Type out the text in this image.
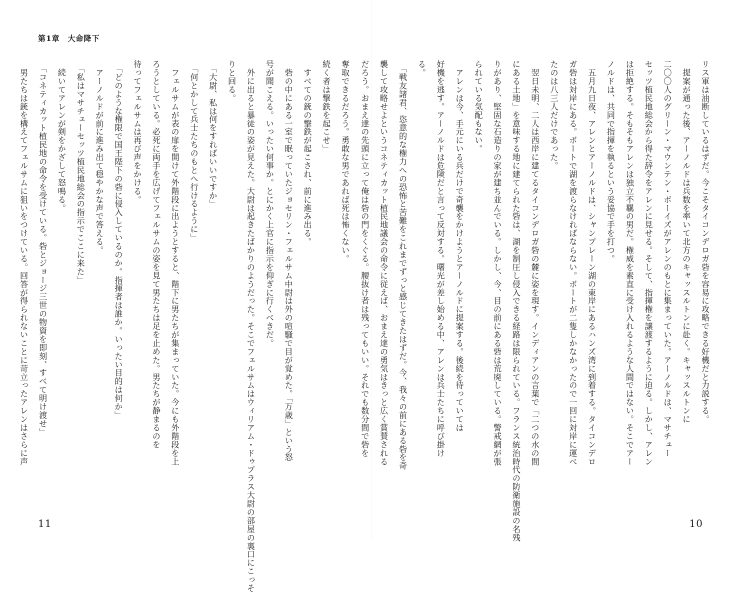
第1章　大命降下

奪取できるだろう。勇敢な男であれば死は怖くない。

続く者は撃鉄を起こせ」

　すべての銃の撃鉄が起こされ、前に進み出る。

　砦の中にある一室で眠っていたジョセリン・フェルサム中尉は外の喧騒で目が覚めた。「万歳」という怒

号が聞こえる。いったい何事か。とにかく上官に指示を仰ぎに行くべきだ。

　外に出ると暴徒の姿が見えた。大尉は起きたばかりのようだった。そこでフェルサムはウィリアム・ドゥプラス大尉の部屋の裏口にこっそ

りと回る。

　「大尉、私は何をすればいいですか」

　「何とかして兵士たちのもとへ行けるように」

　フェルサムが表の扉を開けて外階段に出ようとすると、階下に男たちが集まっていた。今にも外階段を上

ろうとしている。必死に両手を広げてフェルサムの姿を見て男たちは足を止めた。男たちが静まるのを

待ってフェルサムは再び声をかける。

　「どのような権限で国王陛下の砦に侵入しているのか。指揮者は誰か。いったい目的は何か」

　アーノルドが前に進み出て穏やかな声で答える。

　「私はマサチューセッツ植民地総会の指示でここに来た」

　続いてアレンが剣をかざして怒鳴る。

　「コネティカット植民地の命令を受けている。砦とジョージ三世の物資を即刻、すべて明け渡せ」

　男たちは銃を構えてフェルサムに狙いをつけている。回答が得られないことに苛立ったアレンはさらに声

11

リス軍は油断しているはずだ。今こそタイコンデロガ砦を容易に攻略できる好機だと力説する。

　提案が通った後、アーノルドは兵数を率いて北方のキャッスルトンに赴く。キャッスルトンに

二〇〇人のグリーン・マウンテン・ボーイズがアレンのもとに集まっていた。アーノルドは、マサチュー

セッツ植民地総会から得た辞令をアレンに見せる。そして、指揮権を譲渡するように迫る。しかし、アレン

は拒絶する。そもそもアレンは独立不羈の男だ。権威を素直に受け入れるような人間ではない。そこでアー

ノルドは、共同で指揮を執るという妥協で手を打つ。

　五月九日夜、アレンとアーノルドは、シャンプレーン湖の東岸にあるハンズ湾に到着する。タイコンデロ

ガ砦は対岸にある。ボートで湖を渡らなければならない。ボートが二隻しかなかったので一回に対岸に運べ

たのは八三人だけであった。

　翌日未明、二人は西岸に建てるタイコンデロガ砦の麓に姿を現す。インディアンの言葉で「二つの水の間

にある土地」を意味する地に建てられた砦は、湖を制圧し侵入できる経路は限られている。フランス統治時代の防衛施設の名残

りがあり、堅固な石造りの家が建ち並んでいる。しかし、今、目の前にある砦は荒廃している。警戒網が張

られている気配もない。

　アレンは今、手元にいる兵だけで奇襲をかけようとアーノルドに提案する。後続を待っていては

好機を逃す。アーノルドは危険だと言って反対する。曙光が差し始める中、アレンは兵士たちに呼び掛け

る。

　「戦友諸君、恣意的な権力への恐怖と苦難をこれまでずっと感じてきたはずだ。今、我々の前にある砦を奇

襲して攻略せよというコネティカット植民地議会の命令に従えば、おまえ達の勇気はきっと広く賞賛される

だろう。おまえ達の先頭に立って俺は砦の門をくぐる。腰抜け者は残ってもいい。それでも数分間で砦を

10
